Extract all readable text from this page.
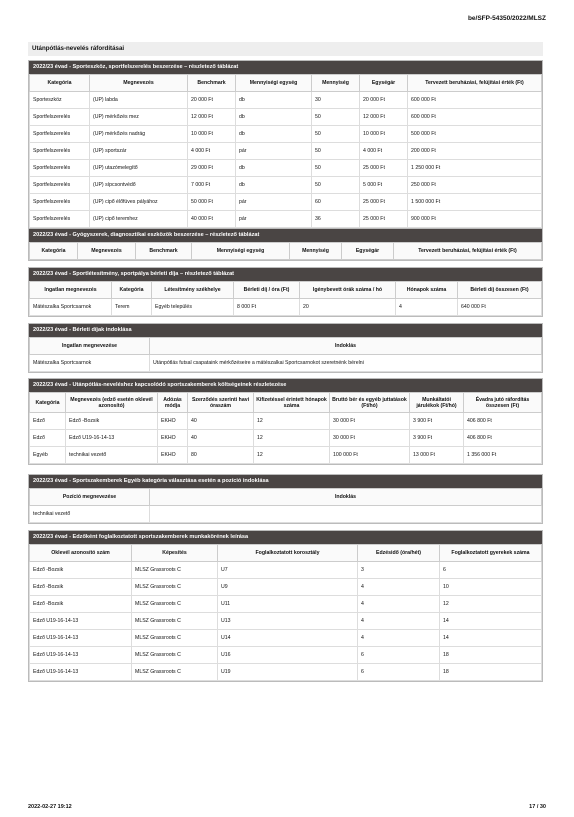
be/SFP-54350/2022/MLSZ
Utánpótlás-nevelés ráfordításai
2022/23 évad - Sporteszköz, sportfelszerelés beszerzése – részletező táblázat
Kategória	Megnevezés	Benchmark	Mennyiségi egység	Mennyiség	Egységár	Tervezett beruházási, felújítási érték (Ft)
Sporteszköz	(UP) labda	20 000 Ft	db	30	20 000 Ft	600 000 Ft
Sportfelszerelés	(UP) mérkőzés mez	12 000 Ft	db	50	12 000 Ft	600 000 Ft
Sportfelszerelés	(UP) mérkőzés nadrág	10 000 Ft	db	50	10 000 Ft	500 000 Ft
Sportfelszerelés	(UP) sportszár	4 000 Ft	pár	50	4 000 Ft	200 000 Ft
Sportfelszerelés	(UP) utazómelegítő	29 000 Ft	db	50	25 000 Ft	1 250 000 Ft
Sportfelszerelés	(UP) sípcsontvédő	7 000 Ft	db	50	5 000 Ft	250 000 Ft
Sportfelszerelés	(UP) cipő élőfüves pályához	50 000 Ft	pár	60	25 000 Ft	1 500 000 Ft
Sportfelszerelés	(UP) cipő teremhez	40 000 Ft	pár	36	25 000 Ft	900 000 Ft
2022/23 évad - Gyógyszerek, diagnosztikai eszközök beszerzése – részletező táblázat
Kategória	Megnevezés	Benchmark	Mennyiségi egység	Mennyiség	Egységár	Tervezett beruházási, felújítási érték (Ft)
2022/23 évad - Sportlétesítmény, sportpálya bérleti díja – részletező táblázat
Ingatlan megnevezés	Kategória	Létesítmény székhelye	Bérleti díj / óra (Ft)	Igénybevett órák száma / hó	Hónapok száma	Bérleti díj összesen (Ft)
Mátészalka Sportcsarnok	Terem	Egyéb település	8 000 Ft	20	4	640 000 Ft
2022/23 évad - Bérleti díjak indoklása
Ingatlan megnevezése	Indoklás
Mátészalka Sportcsarnok	Utánpótlás futsal csapataink mérkőzéseire a mátészalkai Sportcsarnokot szeretnénk bérelni
2022/23 évad - Utánpótlás-neveléshez kapcsolódó sportszakemberek költségeinek részletezése
Kategória	Megnevezés (edző esetén oklevél azonosító)	Adózás módja	Szerződés szerinti havi óraszám	Kifizetéssel érintett hónapok száma	Bruttó bér és egyéb juttatások (Ft/hó)	Munkáltatói járulékok (Ft/hó)	Évadra jutó ráfordítás összesen (Ft)
Edző	Edző -Bozsik	EKHO	40	12	30 000 Ft	3 900 Ft	406 800 Ft
Edző	Edző U19-16-14-13	EKHO	40	12	30 000 Ft	3 900 Ft	406 800 Ft
Egyéb	technikai vezető	EKHO	80	12	100 000 Ft	13 000 Ft	1 356 000 Ft
2022/23 évad - Sportszakemberek Egyéb kategória választása esetén a pozíció indoklása
Pozíció megnevezése	Indoklás
technikai vezető	
2022/23 évad - Edzőként foglalkoztatott sportszakemberek munkakörének leírása
Oklevél azonosító szám	Képesítés	Foglalkoztatott korosztály	Edzésidő (óra/hét)	Foglalkoztatott gyerekek száma
Edző -Bozsik	MLSZ Grassroots C	U7	3	6
Edző -Bozsik	MLSZ Grassroots C	U9	4	10
Edző -Bozsik	MLSZ Grassroots C	U11	4	12
Edző U19-16-14-13	MLSZ Grassroots C	U13	4	14
Edző U19-16-14-13	MLSZ Grassroots C	U14	4	14
Edző U19-16-14-13	MLSZ Grassroots C	U16	6	18
Edző U19-16-14-13	MLSZ Grassroots C	U19	6	18
2022-02-27 19:12	17 / 30
